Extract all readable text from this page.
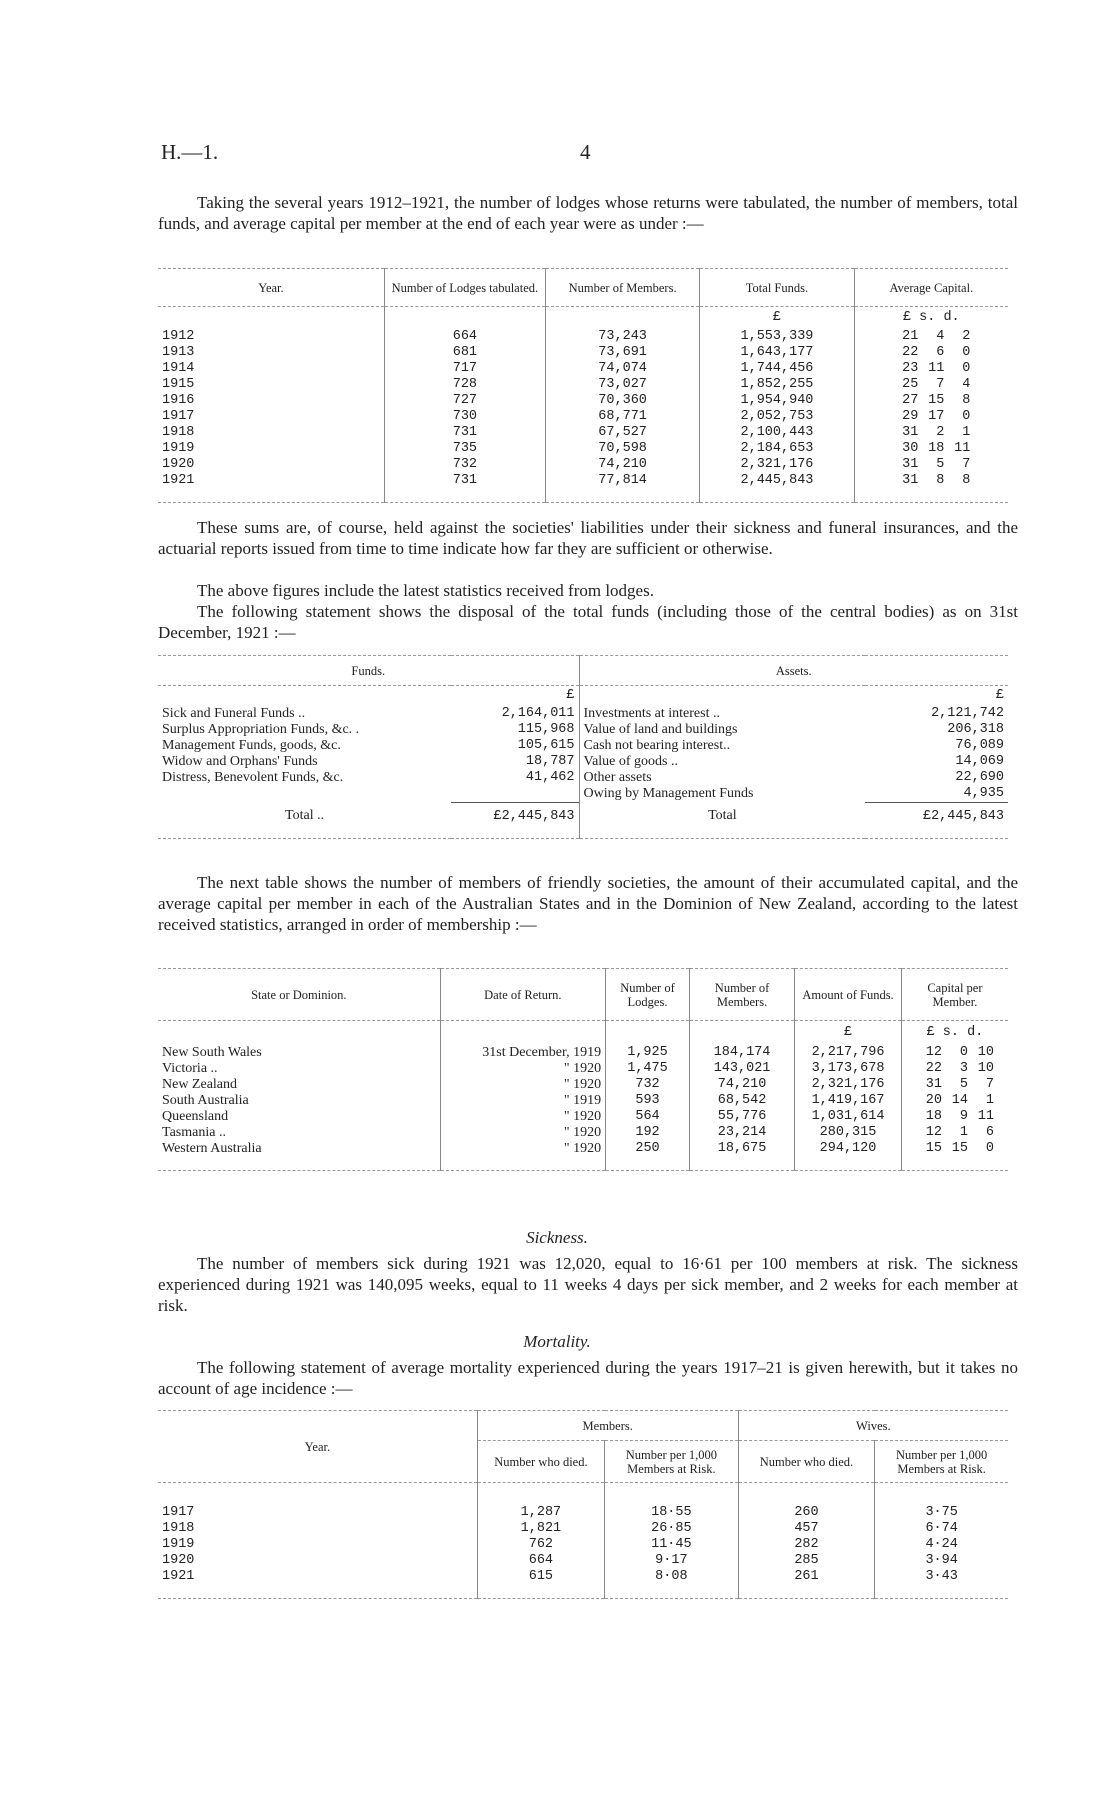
H.—1.	4

Taking the several years 1912–1921, the number of lodges whose returns were tabulated, the number of members, total funds, and average capital per member at the end of each year were as under :—

Year.	Number of Lodges tabulated.	Number of Members.	Total Funds.	Average Capital.
			£	£ s. d.
1912	664	73,243	1,553,339	21 4 2
1913	681	73,691	1,643,177	22 6 0
1914	717	74,074	1,744,456	23 11 0
1915	728	73,027	1,852,255	25 7 4
1916	727	70,360	1,954,940	27 15 8
1917	730	68,771	2,052,753	29 17 0
1918	731	67,527	2,100,443	31 2 1
1919	735	70,598	2,184,653	30 18 11
1920	732	74,210	2,321,176	31 5 7
1921	731	77,814	2,445,843	31 8 8

These sums are, of course, held against the societies' liabilities under their sickness and funeral insurances, and the actuarial reports issued from time to time indicate how far they are sufficient or otherwise.

The above figures include the latest statistics received from lodges.

The following statement shows the disposal of the total funds (including those of the central bodies) as on 31st December, 1921 :—

Funds.		Assets.	
	£		£
Sick and Funeral Funds ..	2,164,011	Investments at interest ..	2,121,742
Surplus Appropriation Funds, &c. .	115,968	Value of land and buildings	206,318
Management Funds, goods, &c.	105,615	Cash not bearing interest..	76,089
Widow and Orphans' Funds	18,787	Value of goods ..	14,069
Distress, Benevolent Funds, &c.	41,462	Other assets	22,690
		Owing by Management Funds	4,935
Total ..	£2,445,843	Total	£2,445,843

The next table shows the number of members of friendly societies, the amount of their accumulated capital, and the average capital per member in each of the Australian States and in the Dominion of New Zealand, according to the latest received statistics, arranged in order of membership :—

State or Dominion.	Date of Return.	Number of Lodges.	Number of Members.	Amount of Funds.	Capital per Member.
				£	£ s. d.
New South Wales	31st December, 1919	1,925	184,174	2,217,796	12 0 10
Victoria ..	" 1920	1,475	143,021	3,173,678	22 3 10
New Zealand	" 1920	732	74,210	2,321,176	31 5 7
South Australia	" 1919	593	68,542	1,419,167	20 14 1
Queensland	" 1920	564	55,776	1,031,614	18 9 11
Tasmania ..	" 1920	192	23,214	280,315	12 1 6
Western Australia	" 1920	250	18,675	294,120	15 15 0

Sickness.

The number of members sick during 1921 was 12,020, equal to 16·61 per 100 members at risk. The sickness experienced during 1921 was 140,095 weeks, equal to 11 weeks 4 days per sick member, and 2 weeks for each member at risk.

Mortality.

The following statement of average mortality experienced during the years 1917–21 is given herewith, but it takes no account of age incidence :—

Year.	Members.		Wives.	
	Number who died.	Number per 1,000 Members at Risk.	Number who died.	Number per 1,000 Members at Risk.

1917	1,287	18·55	260	3·75
1918	1,821	26·85	457	6·74
1919	762	11·45	282	4·24
1920	664	9·17	285	3·94
1921	615	8·08	261	3·43
